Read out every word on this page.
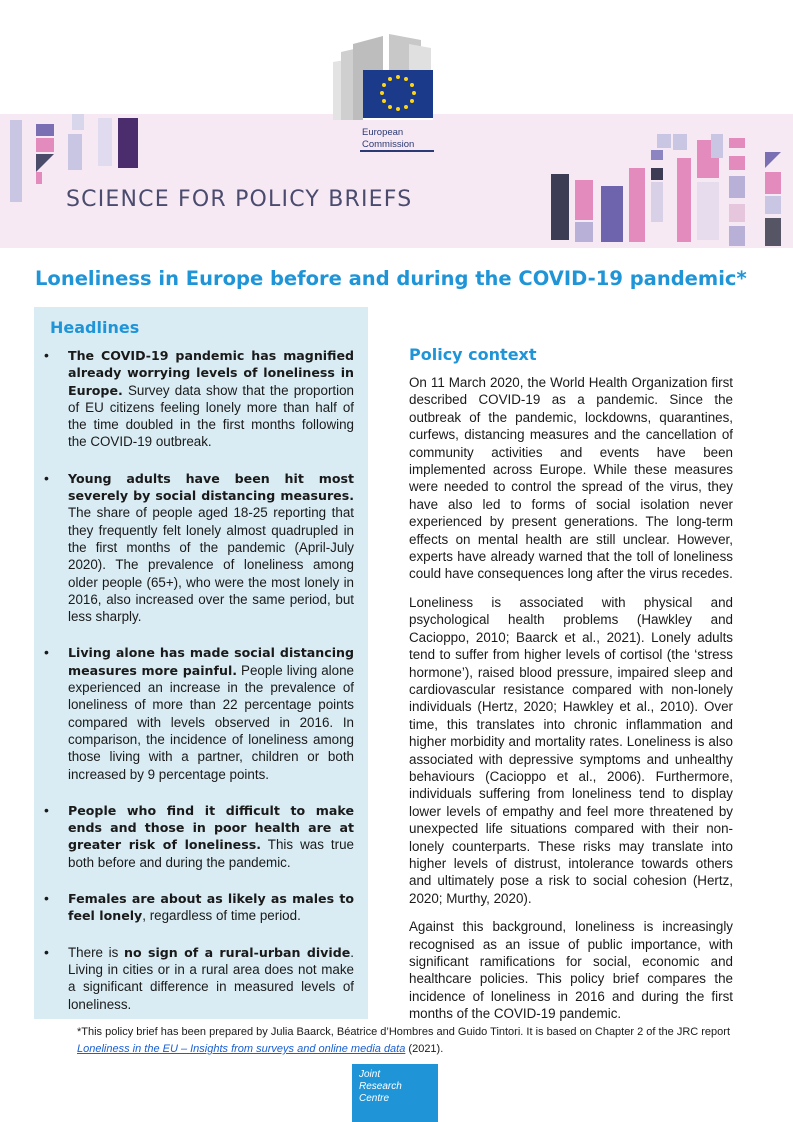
SCIENCE FOR POLICY BRIEFS
European
Commission
Loneliness in Europe before and during the COVID-19 pandemic*
Headlines
• The COVID-19 pandemic has magnified already worrying levels of loneliness in Europe. Survey data show that the proportion of EU citizens feeling lonely more than half of the time doubled in the first months following the COVID-19 outbreak.
• Young adults have been hit most severely by social distancing measures. The share of people aged 18-25 reporting that they frequently felt lonely almost quadrupled in the first months of the pandemic (April-July 2020). The prevalence of loneliness among older people (65+), who were the most lonely in 2016, also increased over the same period, but less sharply.
• Living alone has made social distancing measures more painful. People living alone experienced an increase in the prevalence of loneliness of more than 22 percentage points compared with levels observed in 2016. In comparison, the incidence of loneliness among those living with a partner, children or both increased by 9 percentage points.
• People who find it difficult to make ends and those in poor health are at greater risk of loneliness. This was true both before and during the pandemic.
• Females are about as likely as males to feel lonely, regardless of time period.
• There is no sign of a rural-urban divide. Living in cities or in a rural area does not make a significant difference in measured levels of loneliness.
Policy context

On 11 March 2020, the World Health Organization first described COVID-19 as a pandemic. Since the outbreak of the pandemic, lockdowns, quarantines, curfews, distancing measures and the cancellation of community activities and events have been implemented across Europe. While these measures were needed to control the spread of the virus, they have also led to forms of social isolation never experienced by present generations. The long-term effects on mental health are still unclear. However, experts have already warned that the toll of loneliness could have consequences long after the virus recedes.

Loneliness is associated with physical and psychological health problems (Hawkley and Cacioppo, 2010; Baarck et al., 2021). Lonely adults tend to suffer from higher levels of cortisol (the ‘stress hormone’), raised blood pressure, impaired sleep and cardiovascular resistance compared with non-lonely individuals (Hertz, 2020; Hawkley et al., 2010). Over time, this translates into chronic inflammation and higher morbidity and mortality rates. Loneliness is also associated with depressive symptoms and unhealthy behaviours (Cacioppo et al., 2006). Furthermore, individuals suffering from loneliness tend to display lower levels of empathy and feel more threatened by unexpected life situations compared with their non-lonely counterparts. These risks may translate into higher levels of distrust, intolerance towards others and ultimately pose a risk to social cohesion (Hertz, 2020; Murthy, 2020).

Against this background, loneliness is increasingly recognised as an issue of public importance, with significant ramifications for social, economic and healthcare policies. This policy brief compares the incidence of loneliness in 2016 and during the first months of the COVID-19 pandemic.

*This policy brief has been prepared by Julia Baarck, Béatrice d’Hombres and Guido Tintori. It is based on Chapter 2 of the JRC report Loneliness in the EU – Insights from surveys and online media data (2021).
Joint
Research
Centre
